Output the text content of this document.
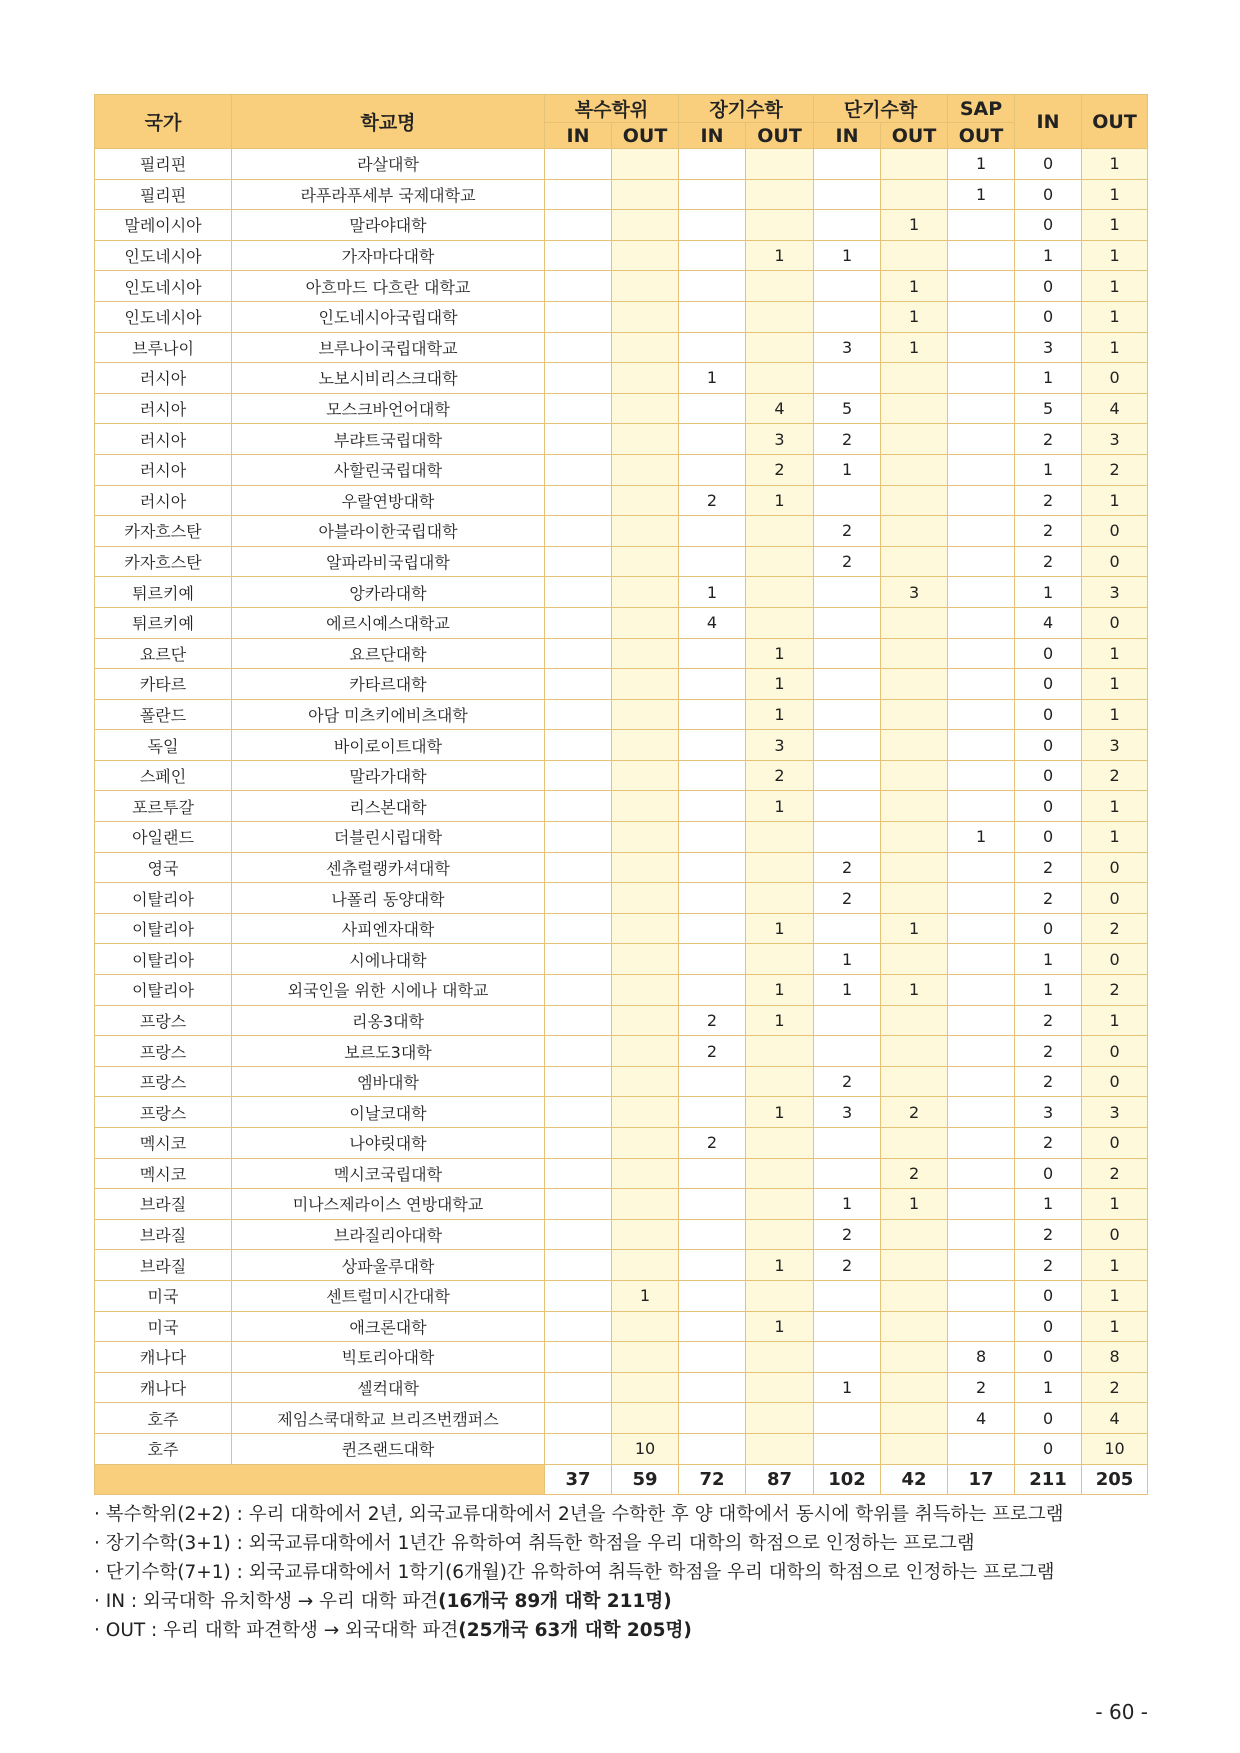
국가	학교명	복수학위		장기수학		단기수학		SAP	IN	OUT
		IN	OUT	IN	OUT	IN	OUT	OUT		
필리핀	라살대학							1	0	1
필리핀	라푸라푸세부 국제대학교							1	0	1
말레이시아	말라야대학						1		0	1
인도네시아	가자마다대학				1	1			1	1
인도네시아	아흐마드 다흐란 대학교						1		0	1
인도네시아	인도네시아국립대학						1		0	1
브루나이	브루나이국립대학교					3	1		3	1
러시아	노보시비리스크대학			1					1	0
러시아	모스크바언어대학				4	5			5	4
러시아	부랴트국립대학				3	2			2	3
러시아	사할린국립대학				2	1			1	2
러시아	우랄연방대학			2	1				2	1
카자흐스탄	아블라이한국립대학					2			2	0
카자흐스탄	알파라비국립대학					2			2	0
튀르키예	앙카라대학			1			3		1	3
튀르키예	에르시예스대학교			4					4	0
요르단	요르단대학				1				0	1
카타르	카타르대학				1				0	1
폴란드	아담 미츠키에비츠대학				1				0	1
독일	바이로이트대학				3				0	3
스페인	말라가대학				2				0	2
포르투갈	리스본대학				1				0	1
아일랜드	더블린시립대학							1	0	1
영국	센츄럴랭카셔대학					2			2	0
이탈리아	나폴리 동양대학					2			2	0
이탈리아	사피엔자대학				1		1		0	2
이탈리아	시에나대학					1			1	0
이탈리아	외국인을 위한 시에나 대학교				1	1	1		1	2
프랑스	리옹3대학			2	1				2	1
프랑스	보르도3대학			2					2	0
프랑스	엠바대학					2			2	0
프랑스	이날코대학				1	3	2		3	3
멕시코	나야릿대학			2					2	0
멕시코	멕시코국립대학						2		0	2
브라질	미나스제라이스 연방대학교					1	1		1	1
브라질	브라질리아대학					2			2	0
브라질	상파울루대학				1	2			2	1
미국	센트럴미시간대학		1						0	1
미국	애크론대학				1				0	1
캐나다	빅토리아대학							8	0	8
캐나다	셀컥대학					1		2	1	2
호주	제임스쿡대학교 브리즈번캠퍼스							4	0	4
호주	퀸즈랜드대학		10						0	10
		37	59	72	87	102	42	17	211	205
· 복수학위(2+2) : 우리 대학에서 2년, 외국교류대학에서 2년을 수학한 후 양 대학에서 동시에 학위를 취득하는 프로그램
· 장기수학(3+1) : 외국교류대학에서 1년간 유학하여 취득한 학점을 우리 대학의 학점으로 인정하는 프로그램
· 단기수학(7+1) : 외국교류대학에서 1학기(6개월)간 유학하여 취득한 학점을 우리 대학의 학점으로 인정하는 프로그램
· IN : 외국대학 유치학생 → 우리 대학 파견(16개국 89개 대학 211명)
· OUT : 우리 대학 파견학생 → 외국대학 파견(25개국 63개 대학 205명)
- 60 -
